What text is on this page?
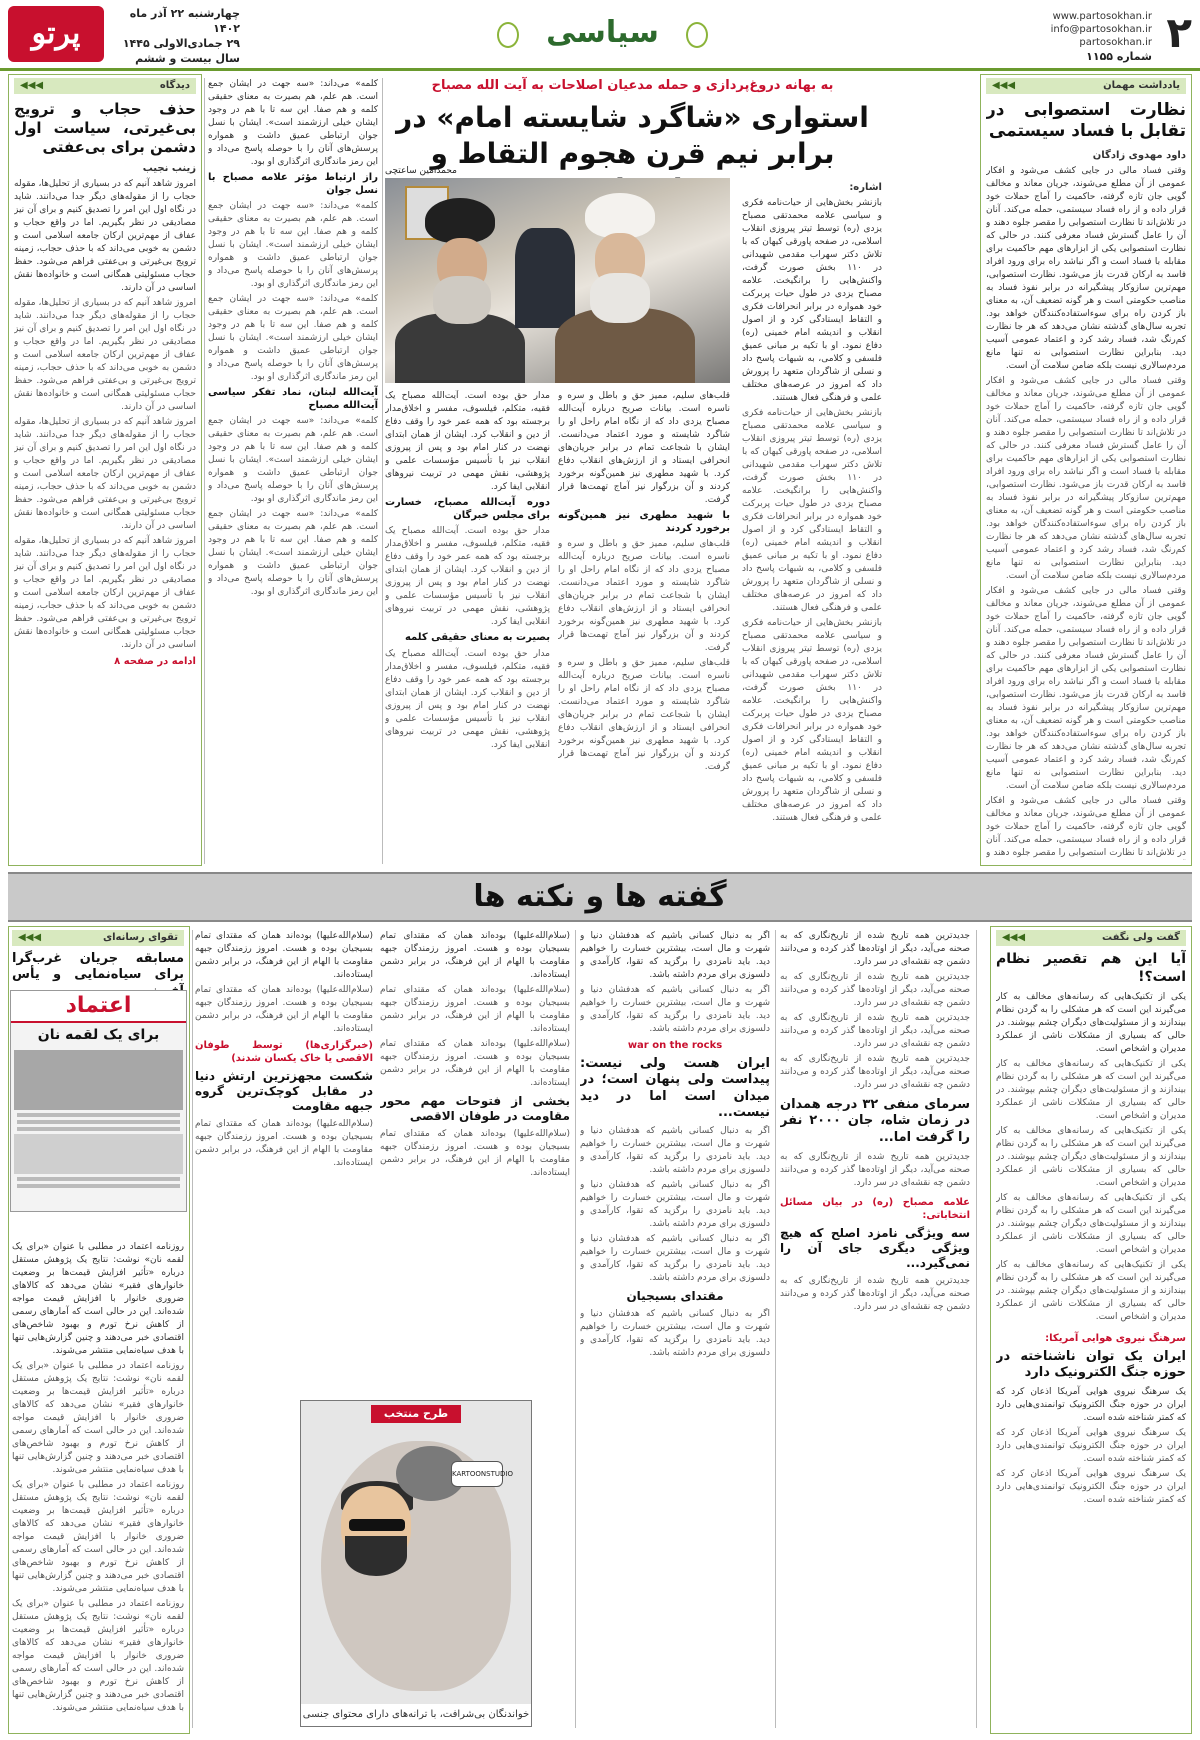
۲
www.partosokhan.ir
info@partosokhan.ir
partosokhan.ir
شماره ۱۱۵۵
سیاسی
چهارشنبه ۲۲ آذر ماه ۱۴۰۲
۲۹ جمادی‌الاولی ۱۴۴۵
سال بیست و ششم
پرتو
یادداشت مهمان
◀◀◀
نظارت استصوابی در تقابل با فساد سیستمی
داود مهدوی زادگان

وقتی فساد مالی در جایی کشف می‌شود و افکار عمومی از آن مطلع می‌شوند، جریان معاند و مخالف گویی جان تازه گرفته، حاکمیت را آماج حملات خود قرار داده و از راه فساد سیستمی، حمله می‌کند. آنان در تلاش‌اند تا نظارت استصوابی را مقصر جلوه دهند و آن را عامل گسترش فساد معرفی کنند. در حالی که نظارت استصوابی یکی از ابزارهای مهم حاکمیت برای مقابله با فساد است و اگر نباشد راه برای ورود افراد فاسد به ارکان قدرت باز می‌شود. نظارت استصوابی، مهم‌ترین سازوکار پیشگیرانه در برابر نفوذ فساد به مناصب حکومتی است و هر گونه تضعیف آن، به معنای باز کردن راه برای سوءاستفاده‌کنندگان خواهد بود. تجربه سال‌های گذشته نشان می‌دهد که هر جا نظارت کم‌رنگ شد، فساد رشد کرد و اعتماد عمومی آسیب دید. بنابراین نظارت استصوابی نه تنها مانع مردم‌سالاری نیست بلکه ضامن سلامت آن است.

وقتی فساد مالی در جایی کشف می‌شود و افکار عمومی از آن مطلع می‌شوند، جریان معاند و مخالف گویی جان تازه گرفته، حاکمیت را آماج حملات خود قرار داده و از راه فساد سیستمی، حمله می‌کند. آنان در تلاش‌اند تا نظارت استصوابی را مقصر جلوه دهند و آن را عامل گسترش فساد معرفی کنند. در حالی که نظارت استصوابی یکی از ابزارهای مهم حاکمیت برای مقابله با فساد است و اگر نباشد راه برای ورود افراد فاسد به ارکان قدرت باز می‌شود. نظارت استصوابی، مهم‌ترین سازوکار پیشگیرانه در برابر نفوذ فساد به مناصب حکومتی است و هر گونه تضعیف آن، به معنای باز کردن راه برای سوءاستفاده‌کنندگان خواهد بود. تجربه سال‌های گذشته نشان می‌دهد که هر جا نظارت کم‌رنگ شد، فساد رشد کرد و اعتماد عمومی آسیب دید. بنابراین نظارت استصوابی نه تنها مانع مردم‌سالاری نیست بلکه ضامن سلامت آن است.

وقتی فساد مالی در جایی کشف می‌شود و افکار عمومی از آن مطلع می‌شوند، جریان معاند و مخالف گویی جان تازه گرفته، حاکمیت را آماج حملات خود قرار داده و از راه فساد سیستمی، حمله می‌کند. آنان در تلاش‌اند تا نظارت استصوابی را مقصر جلوه دهند و آن را عامل گسترش فساد معرفی کنند. در حالی که نظارت استصوابی یکی از ابزارهای مهم حاکمیت برای مقابله با فساد است و اگر نباشد راه برای ورود افراد فاسد به ارکان قدرت باز می‌شود. نظارت استصوابی، مهم‌ترین سازوکار پیشگیرانه در برابر نفوذ فساد به مناصب حکومتی است و هر گونه تضعیف آن، به معنای باز کردن راه برای سوءاستفاده‌کنندگان خواهد بود. تجربه سال‌های گذشته نشان می‌دهد که هر جا نظارت کم‌رنگ شد، فساد رشد کرد و اعتماد عمومی آسیب دید. بنابراین نظارت استصوابی نه تنها مانع مردم‌سالاری نیست بلکه ضامن سلامت آن است.

وقتی فساد مالی در جایی کشف می‌شود و افکار عمومی از آن مطلع می‌شوند، جریان معاند و مخالف گویی جان تازه گرفته، حاکمیت را آماج حملات خود قرار داده و از راه فساد سیستمی، حمله می‌کند. آنان در تلاش‌اند تا نظارت استصوابی را مقصر جلوه دهند و

به بهانه دروغ‌پردازی و حمله مدعیان اصلاحات به آیت الله مصباح
استواری «شاگرد شایسته امام» در برابر نیم قرن هجوم التقاط و
اشاره:

بازنشر بخش‌هایی از حیات‌نامه فکری و سیاسی علامه محمدتقی مصباح یزدی (ره) توسط تیتر پیروزی انقلاب اسلامی، در صفحه پاورقی کیهان که با تلاش دکتر سهراب مقدمی شهیدانی در ۱۱۰ بخش صورت گرفت، واکنش‌هایی را برانگیخت. علامه مصباح یزدی در طول حیات پربرکت خود همواره در برابر انحرافات فکری و التقاط ایستادگی کرد و از اصول انقلاب و اندیشه امام خمینی (ره) دفاع نمود. او با تکیه بر مبانی عمیق فلسفی و کلامی، به شبهات پاسخ داد و نسلی از شاگردان متعهد را پرورش داد که امروز در عرصه‌های مختلف علمی و فرهنگی فعال هستند.

بازنشر بخش‌هایی از حیات‌نامه فکری و سیاسی علامه محمدتقی مصباح یزدی (ره) توسط تیتر پیروزی انقلاب اسلامی، در صفحه پاورقی کیهان که با تلاش دکتر سهراب مقدمی شهیدانی در ۱۱۰ بخش صورت گرفت، واکنش‌هایی را برانگیخت. علامه مصباح یزدی در طول حیات پربرکت خود همواره در برابر انحرافات فکری و التقاط ایستادگی کرد و از اصول انقلاب و اندیشه امام خمینی (ره) دفاع نمود. او با تکیه بر مبانی عمیق فلسفی و کلامی، به شبهات پاسخ داد و نسلی از شاگردان متعهد را پرورش داد که امروز در عرصه‌های مختلف علمی و فرهنگی فعال هستند.

بازنشر بخش‌هایی از حیات‌نامه فکری و سیاسی علامه محمدتقی مصباح یزدی (ره) توسط تیتر پیروزی انقلاب اسلامی، در صفحه پاورقی کیهان که با تلاش دکتر سهراب مقدمی شهیدانی در ۱۱۰ بخش صورت گرفت، واکنش‌هایی را برانگیخت. علامه مصباح یزدی در طول حیات پربرکت خود همواره در برابر انحرافات فکری و التقاط ایستادگی کرد و از اصول انقلاب و اندیشه امام خمینی (ره) دفاع نمود. او با تکیه بر مبانی عمیق فلسفی و کلامی، به شبهات پاسخ داد و نسلی از شاگردان متعهد را پرورش داد که امروز در عرصه‌های مختلف علمی و فرهنگی فعال هستند.

محمدامین ساعتچی

قلب‌های سلیم، ممیز حق و باطل و سره و ناسره است. بیانات صریح درباره آیت‌الله مصباح یزدی داد که از نگاه امام راحل او را شاگرد شایسته و مورد اعتماد می‌دانست. ایشان با شجاعت تمام در برابر جریان‌های انحرافی ایستاد و از ارزش‌های انقلاب دفاع کرد. با شهید مطهری نیز همین‌گونه برخورد کردند و آن بزرگوار نیز آماج تهمت‌ها قرار گرفت.

با شهید مطهری نیز همین‌گونه برخورد کردند

قلب‌های سلیم، ممیز حق و باطل و سره و ناسره است. بیانات صریح درباره آیت‌الله مصباح یزدی داد که از نگاه امام راحل او را شاگرد شایسته و مورد اعتماد می‌دانست. ایشان با شجاعت تمام در برابر جریان‌های انحرافی ایستاد و از ارزش‌های انقلاب دفاع کرد. با شهید مطهری نیز همین‌گونه برخورد کردند و آن بزرگوار نیز آماج تهمت‌ها قرار گرفت.

قلب‌های سلیم، ممیز حق و باطل و سره و ناسره است. بیانات صریح درباره آیت‌الله مصباح یزدی داد که از نگاه امام راحل او را شاگرد شایسته و مورد اعتماد می‌دانست. ایشان با شجاعت تمام در برابر جریان‌های انحرافی ایستاد و از ارزش‌های انقلاب دفاع کرد. با شهید مطهری نیز همین‌گونه برخورد کردند و آن بزرگوار نیز آماج تهمت‌ها قرار گرفت.

مدار حق بوده است. آیت‌الله مصباح یک فقیه، متکلم، فیلسوف، مفسر و اخلاق‌مدار برجسته بود که همه عمر خود را وقف دفاع از دین و انقلاب کرد. ایشان از همان ابتدای نهضت در کنار امام بود و پس از پیروزی انقلاب نیز با تأسیس مؤسسات علمی و پژوهشی، نقش مهمی در تربیت نیروهای انقلابی ایفا کرد.

دوره آیت‌الله مصباح، خسارت برای مجلس خبرگان

مدار حق بوده است. آیت‌الله مصباح یک فقیه، متکلم، فیلسوف، مفسر و اخلاق‌مدار برجسته بود که همه عمر خود را وقف دفاع از دین و انقلاب کرد. ایشان از همان ابتدای نهضت در کنار امام بود و پس از پیروزی انقلاب نیز با تأسیس مؤسسات علمی و پژوهشی، نقش مهمی در تربیت نیروهای انقلابی ایفا کرد.

بصیرت به معنای حقیقی کلمه

مدار حق بوده است. آیت‌الله مصباح یک فقیه، متکلم، فیلسوف، مفسر و اخلاق‌مدار برجسته بود که همه عمر خود را وقف دفاع از دین و انقلاب کرد. ایشان از همان ابتدای نهضت در کنار امام بود و پس از پیروزی انقلاب نیز با تأسیس مؤسسات علمی و پژوهشی، نقش مهمی در تربیت نیروهای انقلابی ایفا کرد.

کلمه» می‌داند: «سه جهت در ایشان جمع است. هم علم، هم بصیرت به معنای حقیقی کلمه و هم صفا. این سه تا با هم در وجود ایشان خیلی ارزشمند است». ایشان با نسل جوان ارتباطی عمیق داشت و همواره پرسش‌های آنان را با حوصله پاسخ می‌داد و این رمز ماندگاری اثرگذاری او بود.

راز ارتباط مؤثر علامه مصباح با نسل جوان

کلمه» می‌داند: «سه جهت در ایشان جمع است. هم علم، هم بصیرت به معنای حقیقی کلمه و هم صفا. این سه تا با هم در وجود ایشان خیلی ارزشمند است». ایشان با نسل جوان ارتباطی عمیق داشت و همواره پرسش‌های آنان را با حوصله پاسخ می‌داد و این رمز ماندگاری اثرگذاری او بود.

کلمه» می‌داند: «سه جهت در ایشان جمع است. هم علم، هم بصیرت به معنای حقیقی کلمه و هم صفا. این سه تا با هم در وجود ایشان خیلی ارزشمند است». ایشان با نسل جوان ارتباطی عمیق داشت و همواره پرسش‌های آنان را با حوصله پاسخ می‌داد و این رمز ماندگاری اثرگذاری او بود.

آیت‌الله لبنان، نماد تفکر سیاسی آیت‌الله مصباح

کلمه» می‌داند: «سه جهت در ایشان جمع است. هم علم، هم بصیرت به معنای حقیقی کلمه و هم صفا. این سه تا با هم در وجود ایشان خیلی ارزشمند است». ایشان با نسل جوان ارتباطی عمیق داشت و همواره پرسش‌های آنان را با حوصله پاسخ می‌داد و این رمز ماندگاری اثرگذاری او بود.

کلمه» می‌داند: «سه جهت در ایشان جمع است. هم علم، هم بصیرت به معنای حقیقی کلمه و هم صفا. این سه تا با هم در وجود ایشان خیلی ارزشمند است». ایشان با نسل جوان ارتباطی عمیق داشت و همواره پرسش‌های آنان را با حوصله پاسخ می‌داد و این رمز ماندگاری اثرگذاری او بود.

دیدگاه
◀◀◀
حذف حجاب و ترویج بی‌غیرتی، سیاست اول دشمن برای بی‌عفتی
زینب نجیب

امروز شاهد آنیم که در بسیاری از تحلیل‌ها، مقوله حجاب را از مقوله‌های دیگر جدا می‌دانند. شاید در نگاه اول این امر را تصدیق کنیم و برای آن نیز مصادیقی در نظر بگیریم. اما در واقع حجاب و عفاف از مهم‌ترین ارکان جامعه اسلامی است و دشمن به خوبی می‌داند که با حذف حجاب، زمینه ترویج بی‌غیرتی و بی‌عفتی فراهم می‌شود. حفظ حجاب مسئولیتی همگانی است و خانواده‌ها نقش اساسی در آن دارند.

امروز شاهد آنیم که در بسیاری از تحلیل‌ها، مقوله حجاب را از مقوله‌های دیگر جدا می‌دانند. شاید در نگاه اول این امر را تصدیق کنیم و برای آن نیز مصادیقی در نظر بگیریم. اما در واقع حجاب و عفاف از مهم‌ترین ارکان جامعه اسلامی است و دشمن به خوبی می‌داند که با حذف حجاب، زمینه ترویج بی‌غیرتی و بی‌عفتی فراهم می‌شود. حفظ حجاب مسئولیتی همگانی است و خانواده‌ها نقش اساسی در آن دارند.

امروز شاهد آنیم که در بسیاری از تحلیل‌ها، مقوله حجاب را از مقوله‌های دیگر جدا می‌دانند. شاید در نگاه اول این امر را تصدیق کنیم و برای آن نیز مصادیقی در نظر بگیریم. اما در واقع حجاب و عفاف از مهم‌ترین ارکان جامعه اسلامی است و دشمن به خوبی می‌داند که با حذف حجاب، زمینه ترویج بی‌غیرتی و بی‌عفتی فراهم می‌شود. حفظ حجاب مسئولیتی همگانی است و خانواده‌ها نقش اساسی در آن دارند.

امروز شاهد آنیم که در بسیاری از تحلیل‌ها، مقوله حجاب را از مقوله‌های دیگر جدا می‌دانند. شاید در نگاه اول این امر را تصدیق کنیم و برای آن نیز مصادیقی در نظر بگیریم. اما در واقع حجاب و عفاف از مهم‌ترین ارکان جامعه اسلامی است و دشمن به خوبی می‌داند که با حذف حجاب، زمینه ترویج بی‌غیرتی و بی‌عفتی فراهم می‌شود. حفظ حجاب مسئولیتی همگانی است و خانواده‌ها نقش اساسی در آن دارند.

ادامه در صفحه ۸
گفته ها و نکته ها
گفت ولی نگفت
◀◀◀
آیا این هم تقصیر نظام است؟!

یکی از تکنیک‌هایی که رسانه‌های مخالف به کار می‌گیرند این است که هر مشکلی را به گردن نظام بیندازند و از مسئولیت‌های دیگران چشم بپوشند. در حالی که بسیاری از مشکلات ناشی از عملکرد مدیران و اشخاص است.

یکی از تکنیک‌هایی که رسانه‌های مخالف به کار می‌گیرند این است که هر مشکلی را به گردن نظام بیندازند و از مسئولیت‌های دیگران چشم بپوشند. در حالی که بسیاری از مشکلات ناشی از عملکرد مدیران و اشخاص است.

یکی از تکنیک‌هایی که رسانه‌های مخالف به کار می‌گیرند این است که هر مشکلی را به گردن نظام بیندازند و از مسئولیت‌های دیگران چشم بپوشند. در حالی که بسیاری از مشکلات ناشی از عملکرد مدیران و اشخاص است.

یکی از تکنیک‌هایی که رسانه‌های مخالف به کار می‌گیرند این است که هر مشکلی را به گردن نظام بیندازند و از مسئولیت‌های دیگران چشم بپوشند. در حالی که بسیاری از مشکلات ناشی از عملکرد مدیران و اشخاص است.

یکی از تکنیک‌هایی که رسانه‌های مخالف به کار می‌گیرند این است که هر مشکلی را به گردن نظام بیندازند و از مسئولیت‌های دیگران چشم بپوشند. در حالی که بسیاری از مشکلات ناشی از عملکرد مدیران و اشخاص است.

سرهنگ نیروی هوایی آمریکا:
ایران یک توان ناشناخته در حوزه جنگ الکترونیک دارد

یک سرهنگ نیروی هوایی آمریکا اذعان کرد که ایران در حوزه جنگ الکترونیک توانمندی‌هایی دارد که کمتر شناخته شده است.

یک سرهنگ نیروی هوایی آمریکا اذعان کرد که ایران در حوزه جنگ الکترونیک توانمندی‌هایی دارد که کمتر شناخته شده است.

یک سرهنگ نیروی هوایی آمریکا اذعان کرد که ایران در حوزه جنگ الکترونیک توانمندی‌هایی دارد که کمتر شناخته شده است.

جدیدترین همه تاریخ شده از تاریخ‌نگاری که به صحنه می‌آید، دیگر از اوتاده‌ها گذر کرده و می‌دانند دشمن چه نقشه‌ای در سر دارد.

جدیدترین همه تاریخ شده از تاریخ‌نگاری که به صحنه می‌آید، دیگر از اوتاده‌ها گذر کرده و می‌دانند دشمن چه نقشه‌ای در سر دارد.

جدیدترین همه تاریخ شده از تاریخ‌نگاری که به صحنه می‌آید، دیگر از اوتاده‌ها گذر کرده و می‌دانند دشمن چه نقشه‌ای در سر دارد.

جدیدترین همه تاریخ شده از تاریخ‌نگاری که به صحنه می‌آید، دیگر از اوتاده‌ها گذر کرده و می‌دانند دشمن چه نقشه‌ای در سر دارد.

سرمای منفی ۳۲ درجه همدان در زمان شاه، جان ۲۰۰۰ نفر را گرفت اما...

جدیدترین همه تاریخ شده از تاریخ‌نگاری که به صحنه می‌آید، دیگر از اوتاده‌ها گذر کرده و می‌دانند دشمن چه نقشه‌ای در سر دارد.

علامه مصباح (ره) در بیان مسائل انتخاباتی:
سه ویژگی نامزد اصلح که هیچ ویژگی دیگری جای آن را نمی‌گیرد...

جدیدترین همه تاریخ شده از تاریخ‌نگاری که به صحنه می‌آید، دیگر از اوتاده‌ها گذر کرده و می‌دانند دشمن چه نقشه‌ای در سر دارد.

اگر به دنبال کسانی باشیم که هدفشان دنیا و شهرت و مال است، بیشترین خسارت را خواهیم دید. باید نامزدی را برگزید که تقوا، کارآمدی و دلسوزی برای مردم داشته باشد.

اگر به دنبال کسانی باشیم که هدفشان دنیا و شهرت و مال است، بیشترین خسارت را خواهیم دید. باید نامزدی را برگزید که تقوا، کارآمدی و دلسوزی برای مردم داشته باشد.

war on the rocks
ایران هست ولی نیست: پیداست ولی پنهان است؛ در میدان است اما در دید نیست...

اگر به دنبال کسانی باشیم که هدفشان دنیا و شهرت و مال است، بیشترین خسارت را خواهیم دید. باید نامزدی را برگزید که تقوا، کارآمدی و دلسوزی برای مردم داشته باشد.

اگر به دنبال کسانی باشیم که هدفشان دنیا و شهرت و مال است، بیشترین خسارت را خواهیم دید. باید نامزدی را برگزید که تقوا، کارآمدی و دلسوزی برای مردم داشته باشد.

اگر به دنبال کسانی باشیم که هدفشان دنیا و شهرت و مال است، بیشترین خسارت را خواهیم دید. باید نامزدی را برگزید که تقوا، کارآمدی و دلسوزی برای مردم داشته باشد.

مقتدای بسیجیان

اگر به دنبال کسانی باشیم که هدفشان دنیا و شهرت و مال است، بیشترین خسارت را خواهیم دید. باید نامزدی را برگزید که تقوا، کارآمدی و دلسوزی برای مردم داشته باشد.

(سلام‌الله‌علیها) بوده‌اند همان که مقتدای تمام بسیجیان بوده و هست. امروز رزمندگان جبهه مقاومت با الهام از این فرهنگ، در برابر دشمن ایستاده‌اند.

(سلام‌الله‌علیها) بوده‌اند همان که مقتدای تمام بسیجیان بوده و هست. امروز رزمندگان جبهه مقاومت با الهام از این فرهنگ، در برابر دشمن ایستاده‌اند.

(سلام‌الله‌علیها) بوده‌اند همان که مقتدای تمام بسیجیان بوده و هست. امروز رزمندگان جبهه مقاومت با الهام از این فرهنگ، در برابر دشمن ایستاده‌اند.

بخشی از فتوحات مهم محور مقاومت در طوفان الاقصی

(سلام‌الله‌علیها) بوده‌اند همان که مقتدای تمام بسیجیان بوده و هست. امروز رزمندگان جبهه مقاومت با الهام از این فرهنگ، در برابر دشمن ایستاده‌اند.

(سلام‌الله‌علیها) بوده‌اند همان که مقتدای تمام بسیجیان بوده و هست. امروز رزمندگان جبهه مقاومت با الهام از این فرهنگ، در برابر دشمن ایستاده‌اند.

(سلام‌الله‌علیها) بوده‌اند همان که مقتدای تمام بسیجیان بوده و هست. امروز رزمندگان جبهه مقاومت با الهام از این فرهنگ، در برابر دشمن ایستاده‌اند.

(خبرگزاری‌ها) توسط طوفان الاقصی یا خاک یکسان شدند)
شکست مجهزترین ارتش دنیا در مقابل کوچک‌ترین گروه جبهه مقاومت

(سلام‌الله‌علیها) بوده‌اند همان که مقتدای تمام بسیجیان بوده و هست. امروز رزمندگان جبهه مقاومت با الهام از این فرهنگ، در برابر دشمن ایستاده‌اند.

KARTOONSTUDIO
طرح منتخب
خواندنگان بی‌شرافت، با ترانه‌های دارای محتوای جنسی
تقوای رسانه‌ای
◀◀◀
مسابقه جریان غرب‌گرا برای سیاه‌نمایی و یأس

روزنامه اعتماد در مطلبی با عنوان «برای یک لقمه نان» نوشت: نتایج یک پژوهش مستقل درباره «تأثیر افزایش قیمت‌ها بر وضعیت خانوارهای فقیر» نشان می‌دهد که کالاهای ضروری خانوار با افزایش قیمت مواجه شده‌اند. این در حالی است که آمارهای رسمی از کاهش نرخ تورم و بهبود شاخص‌های اقتصادی خبر می‌دهند و چنین گزارش‌هایی تنها با هدف سیاه‌نمایی منتشر می‌شوند.

روزنامه اعتماد در مطلبی با عنوان «برای یک لقمه نان» نوشت: نتایج یک پژوهش مستقل درباره «تأثیر افزایش قیمت‌ها بر وضعیت خانوارهای فقیر» نشان می‌دهد که کالاهای ضروری خانوار با افزایش قیمت مواجه شده‌اند. این در حالی است که آمارهای رسمی از کاهش نرخ تورم و بهبود شاخص‌های اقتصادی خبر می‌دهند و چنین گزارش‌هایی تنها با هدف سیاه‌نمایی منتشر می‌شوند.

روزنامه اعتماد در مطلبی با عنوان «برای یک لقمه نان» نوشت: نتایج یک پژوهش مستقل درباره «تأثیر افزایش قیمت‌ها بر وضعیت خانوارهای فقیر» نشان می‌دهد که کالاهای ضروری خانوار با افزایش قیمت مواجه شده‌اند. این در حالی است که آمارهای رسمی از کاهش نرخ تورم و بهبود شاخص‌های اقتصادی خبر می‌دهند و چنین گزارش‌هایی تنها با هدف سیاه‌نمایی منتشر می‌شوند.

روزنامه اعتماد در مطلبی با عنوان «برای یک لقمه نان» نوشت: نتایج یک پژوهش مستقل درباره «تأثیر افزایش قیمت‌ها بر وضعیت خانوارهای فقیر» نشان می‌دهد که کالاهای ضروری خانوار با افزایش قیمت مواجه شده‌اند. این در حالی است که آمارهای رسمی از کاهش نرخ تورم و بهبود شاخص‌های اقتصادی خبر می‌دهند و چنین گزارش‌هایی تنها با هدف سیاه‌نمایی منتشر می‌شوند.

اعتماد
برای یک لقمه نان
